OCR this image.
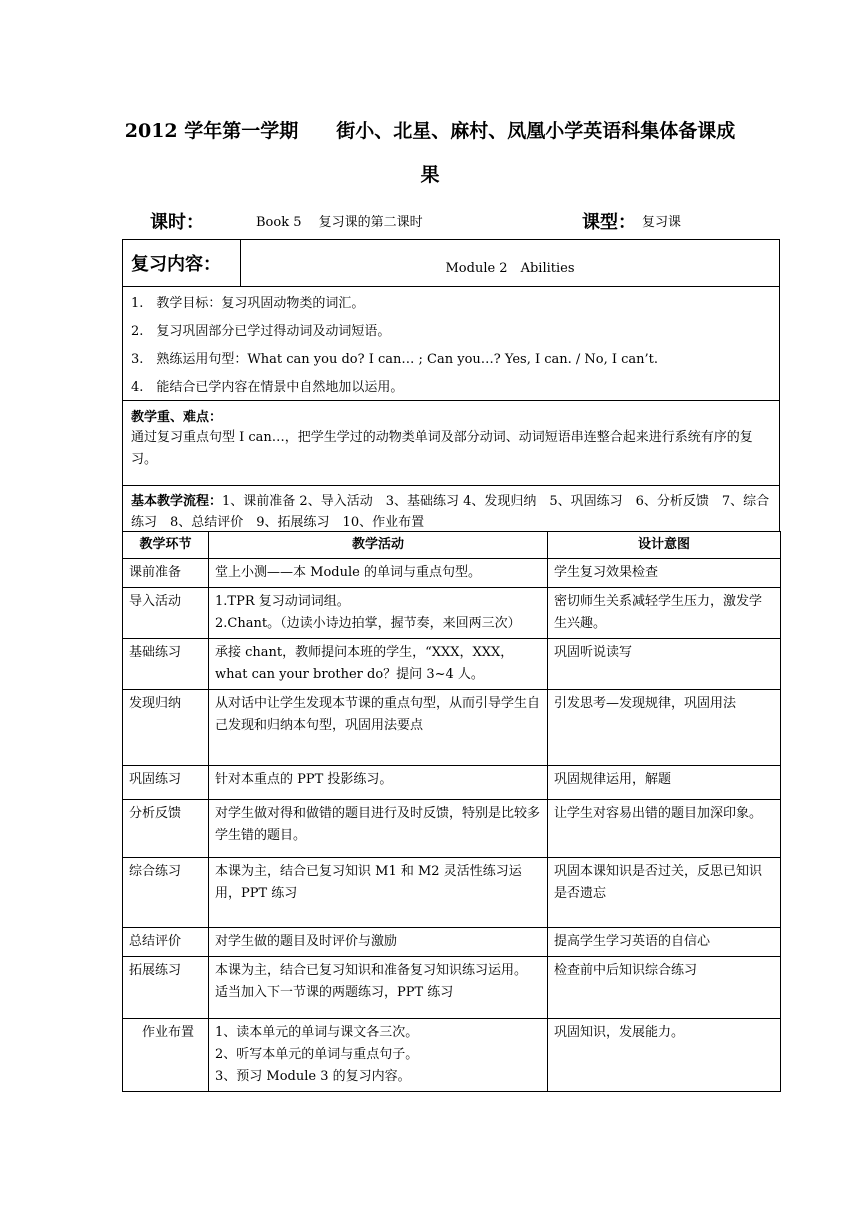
2012 学年第一学期　　街小、北星、麻村、凤凰小学英语科集体备课成
果
课时：	Book 5　 复习课的第二课时	课型： 复习课
复习内容：	Module 2　Abilities
1.　教学目标：复习巩固动物类的词汇。
2.　复习巩固部分已学过得动词及动词短语。
3.　熟练运用句型：What can you do? I can… ; Can you…? Yes, I can. / No, I can’t.
4.　能结合已学内容在情景中自然地加以运用。
教学重、难点：
通过复习重点句型 I can…，把学生学过的动物类单词及部分动词、动词短语串连整合起来进行系统有序的复习。
基本教学流程：1、课前准备 2、导入活动　3、基础练习 4、发现归纳　5、巩固练习　6、分析反馈　7、综合练习　8、总结评价　9、拓展练习　10、作业布置
教学环节	教学活动	设计意图
课前准备	堂上小测——本 Module 的单词与重点句型。	学生复习效果检查

导入活动	1.TPR 复习动词词组。
2.Chant。（边读小诗边拍掌，握节奏，来回两三次）	密切师生关系减轻学生压力，激发学生兴趣。

基础练习	承接 chant，教师提问本班的学生，“XXX，XXX，what can your brother do？提问 3~4 人。	巩固听说读写

发现归纳	从对话中让学生发现本节课的重点句型，从而引导学生自己发现和归纳本句型，巩固用法要点	引发思考—发现规律，巩固用法

巩固练习	针对本重点的 PPT 投影练习。	巩固规律运用，解题

分析反馈	对学生做对得和做错的题目进行及时反馈，特别是比较多学生错的题目。	让学生对容易出错的题目加深印象。

综合练习	本课为主，结合已复习知识 M1 和 M2 灵活性练习运用，PPT 练习	巩固本课知识是否过关，反思已知识是否遗忘

总结评价	对学生做的题目及时评价与激励	提高学生学习英语的自信心

拓展练习	本课为主，结合已复习知识和准备复习知识练习运用。
适当加入下一节课的两题练习，PPT 练习	检查前中后知识综合练习

　作业布置	1、读本单元的单词与课文各三次。
2、听写本单元的单词与重点句子。
3、预习 Module 3 的复习内容。	巩固知识，发展能力。
